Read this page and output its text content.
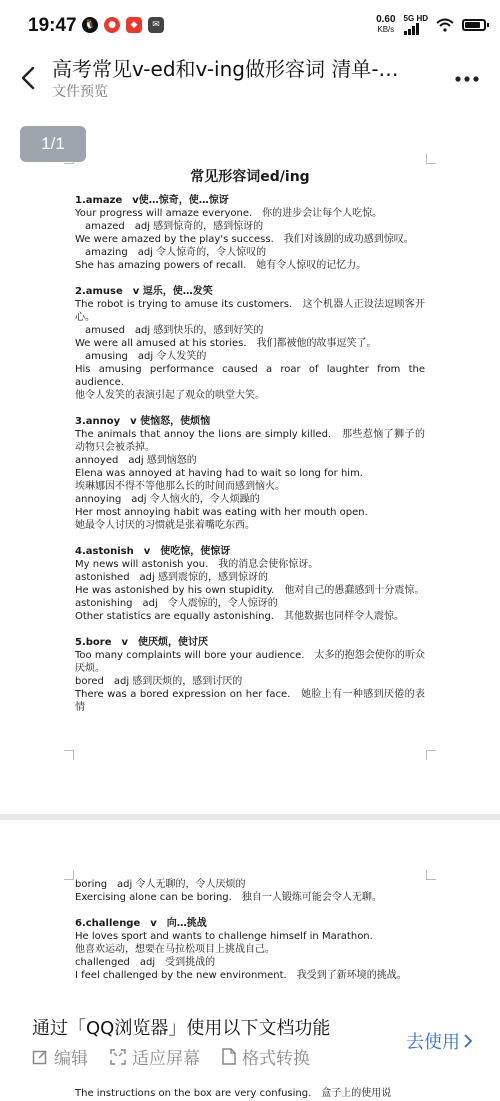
19:47 🐧	●	◆	✉
0.60
KB/s
5G HD
高考常见v-ed和v-ing做形容词 清单-…
文件预览
1/1
常见形容词ed/ing

1.amaze　v使…惊奇，使…惊讶

Your progress will amaze everyone.　你的进步会让每个人吃惊。

　amazed　adj 感到惊奇的，感到惊讶的

We were amazed by the play's success.　我们对该剧的成功感到惊叹。

　amazing　adj 令人惊奇的，令人惊叹的

She has amazing powers of recall.　她有令人惊叹的记忆力。

2.amuse　v 逗乐，使…发笑

The robot is trying to amuse its customers.　这个机器人正设法逗顾客开心。

　amused　adj 感到快乐的，感到好笑的

We were all amused at his stories.　我们都被他的故事逗笑了。

　amusing　adj 令人发笑的

His amusing performance caused a roar of laughter from the audience.

他令人发笑的表演引起了观众的哄堂大笑。

3.annoy　v 使恼怒，使烦恼

The animals that annoy the lions are simply killed.　那些惹恼了狮子的动物只会被杀掉。

annoyed　adj 感到恼怒的

Elena was annoyed at having had to wait so long for him.

埃琳娜因不得不等他那么长的时间而感到恼火。

annoying　adj 令人恼火的，令人烦躁的

Her most annoying habit was eating with her mouth open.

她最令人讨厌的习惯就是张着嘴吃东西。

4.astonish　v　使吃惊，使惊讶

My news will astonish you.　我的消息会使你惊讶。

astonished　adj 感到震惊的，感到惊讶的

He was astonished by his own stupidity.　他对自己的愚蠢感到十分震惊。

astonishing　adj　令人震惊的，令人惊讶的

Other statistics are equally astonishing.　其他数据也同样令人震惊。

5.bore　v　使厌烦，使讨厌

Too many complaints will bore your audience.　太多的抱怨会使你的听众厌烦。

bored　adj 感到厌烦的，感到讨厌的

There was a bored expression on her face.　她脸上有一种感到厌倦的表情

boring　adj 令人无聊的，令人厌烦的

Exercising alone can be boring.　独自一人锻炼可能会令人无聊。

6.challenge　v　向…挑战

He loves sport and wants to challenge himself in Marathon.

他喜欢运动，想要在马拉松项目上挑战自己。

challenged　adj　受到挑战的

I feel challenged by the new environment.　我受到了新环境的挑战。

通过「QQ浏览器」使用以下文档功能
编辑	适应屏幕 格式转换
去使用
The instructions on the box are very confusing.　盒子上的使用说
